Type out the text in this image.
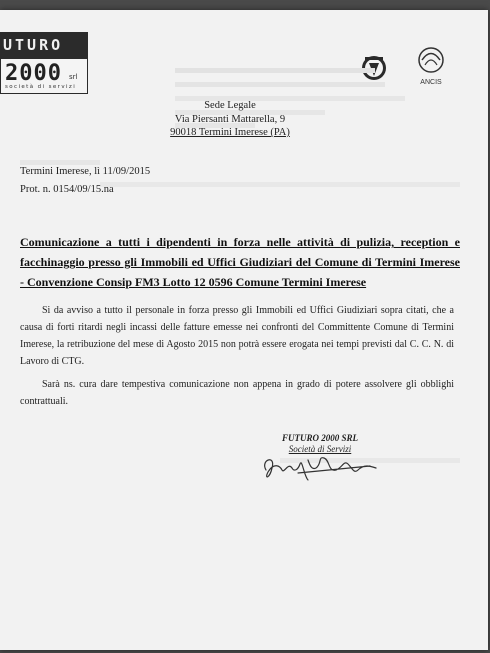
UTURO
2000 srl
società di servizi
ANCIS
Sede Legale
Via Piersanti Mattarella, 9
90018 Termini Imerese (PA)
Termini Imerese, lì 11/09/2015
Prot. n. 0154/09/15.na
Comunicazione a tutti i dipendenti in forza nelle attività di pulizia, reception e facchinaggio presso gli Immobili ed Uffici Giudiziari del Comune di Termini Imerese - Convenzione Consip FM3 Lotto 12 0596 Comune Termini Imerese
Si da avviso a tutto il personale in forza presso gli Immobili ed Uffici Giudiziari sopra citati, che a causa di forti ritardi negli incassi delle fatture emesse nei confronti del Committente Comune di Termini Imerese, la retribuzione del mese di Agosto 2015 non potrà essere erogata nei tempi previsti dal C. C. N. di Lavoro di CTG.
Sarà ns. cura dare tempestiva comunicazione non appena in grado di potere assolvere gli obblighi contrattuali.
FUTURO 2000 SRL
Società di Servizi
